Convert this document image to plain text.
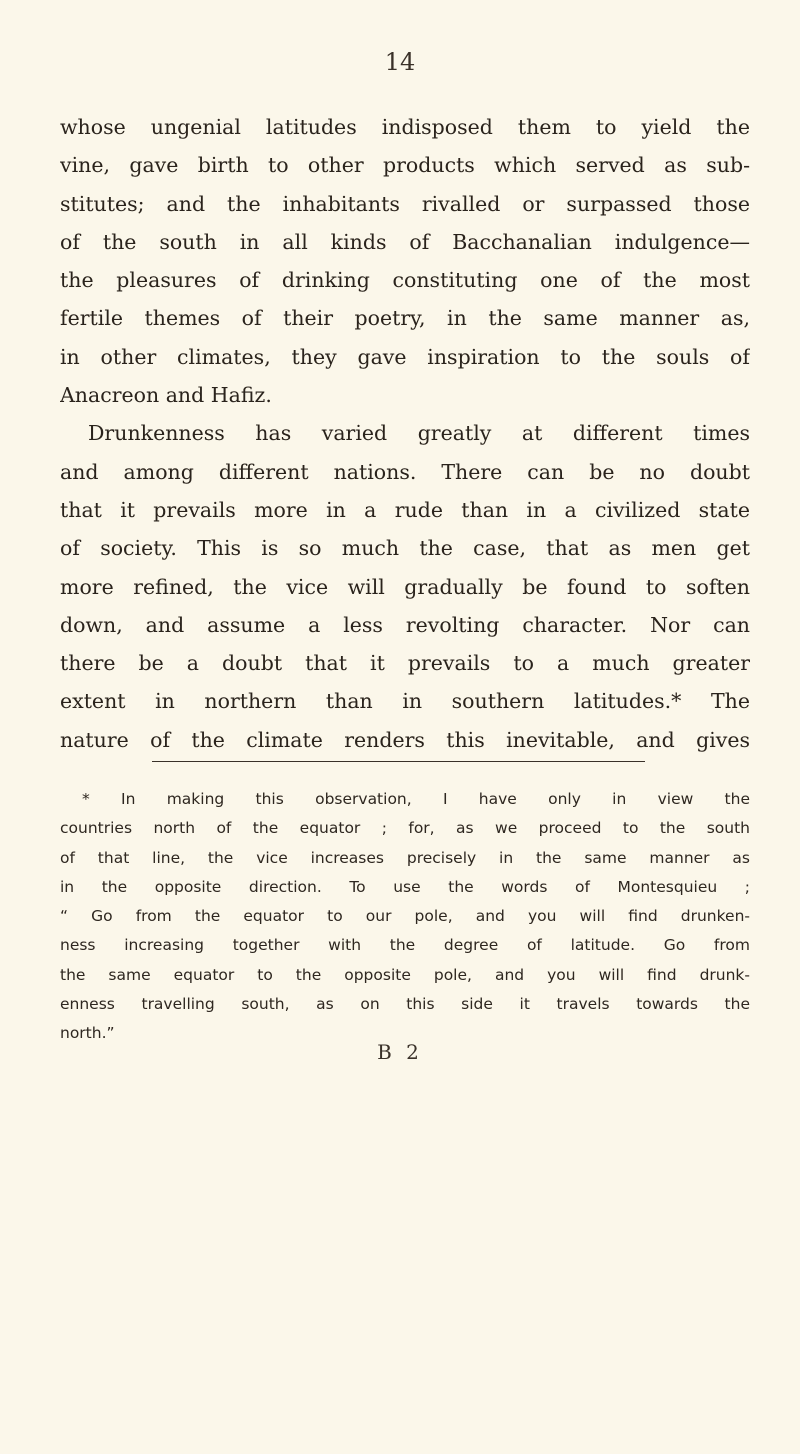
14
whose ungenial latitudes indisposed them to yield the
vine, gave birth to other products which served as sub-
stitutes; and the inhabitants rivalled or surpassed those
of the south in all kinds of Bacchanalian indulgence—
the pleasures of drinking constituting one of the most
fertile themes of their poetry, in the same manner as,
in other climates, they gave inspiration to the souls of
Anacreon and Hafiz.
Drunkenness has varied greatly at different times
and among different nations. There can be no doubt
that it prevails more in a rude than in a civilized state
of society. This is so much the case, that as men get
more refined, the vice will gradually be found to soften
down, and assume a less revolting character. Nor can
there be a doubt that it prevails to a much greater
extent in northern than in southern latitudes.* The
nature of the climate renders this inevitable, and gives
* In making this observation, I have only in view the
countries north of the equator ; for, as we proceed to the south
of that line, the vice increases precisely in the same manner as
in the opposite direction. To use the words of Montesquieu ;
“ Go from the equator to our pole, and you will find drunken-
ness increasing together with the degree of latitude. Go from
the same equator to the opposite pole, and you will find drunk-
enness travelling south, as on this side it travels towards the
north.”
B 2
